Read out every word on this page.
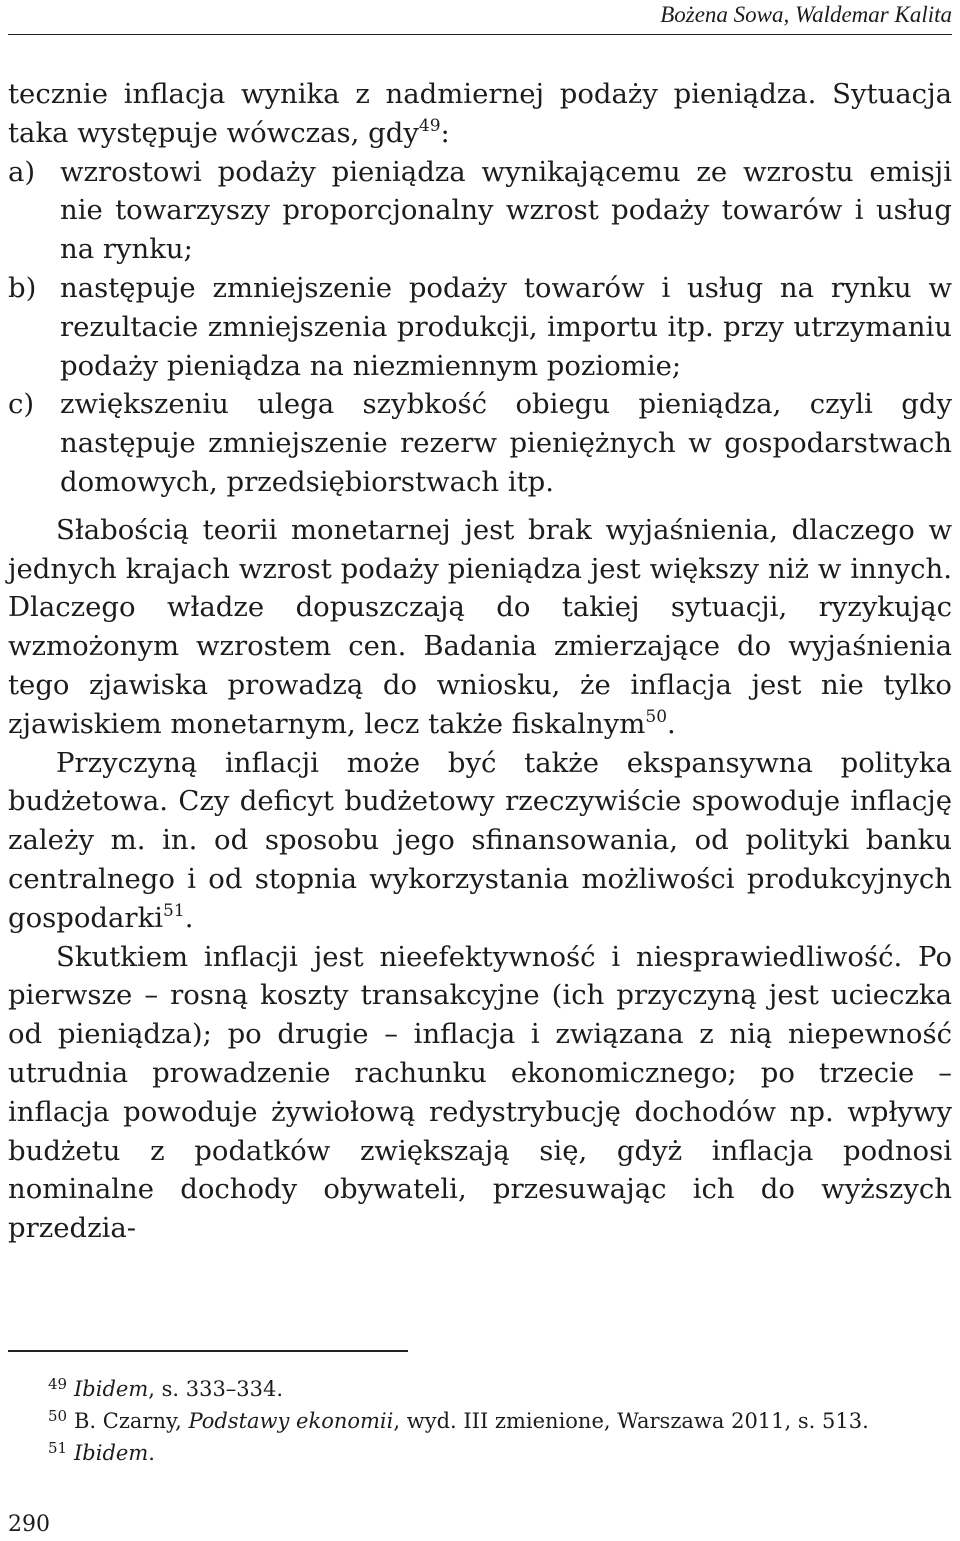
Bożena Sowa, Waldemar Kalita

tecznie inflacja wynika z nadmiernej podaży pieniądza. Sytuacja taka występuje wówczas, gdy$^{49}$:

a) wzrostowi podaży pieniądza wynikającemu ze wzrostu emisji nie towarzyszy proporcjonalny wzrost podaży towarów i usług na rynku;
b) następuje zmniejszenie podaży towarów i usług na rynku w rezultacie zmniejszenia produkcji, importu itp. przy utrzymaniu podaży pieniądza na niezmiennym poziomie;
c) zwiększeniu ulega szybkość obiegu pieniądza, czyli gdy następuje zmniejszenie rezerw pieniężnych w gospodarstwach domowych, przedsiębiorstwach itp.

Słabością teorii monetarnej jest brak wyjaśnienia, dlaczego w jednych krajach wzrost podaży pieniądza jest większy niż w innych. Dlaczego władze dopuszczają do takiej sytuacji, ryzykując wzmożonym wzrostem cen. Badania zmierzające do wyjaśnienia tego zjawiska prowadzą do wniosku, że inflacja jest nie tylko zjawiskiem monetarnym, lecz także fiskalnym$^{50}$.

Przyczyną inflacji może być także ekspansywna polityka budżetowa. Czy deficyt budżetowy rzeczywiście spowoduje inflację zależy m. in. od sposobu jego sfinansowania, od polityki banku centralnego i od stopnia wykorzystania możliwości produkcyjnych gospodarki$^{51}$.

Skutkiem inflacji jest nieefektywność i niesprawiedliwość. Po pierwsze – rosną koszty transakcyjne (ich przyczyną jest ucieczka od pieniądza); po drugie – inflacja i związana z nią niepewność utrudnia prowadzenie rachunku ekonomicznego; po trzecie – inflacja powoduje żywiołową redystrybucję dochodów np. wpływy budżetu z podatków zwiększają się, gdyż inflacja podnosi nominalne dochody obywateli, przesuwając ich do wyższych przedzia-

49 Ibidem, s. 333–334.
50 B. Czarny, Podstawy ekonomii, wyd. III zmienione, Warszawa 2011, s. 513.
51 Ibidem.
290
